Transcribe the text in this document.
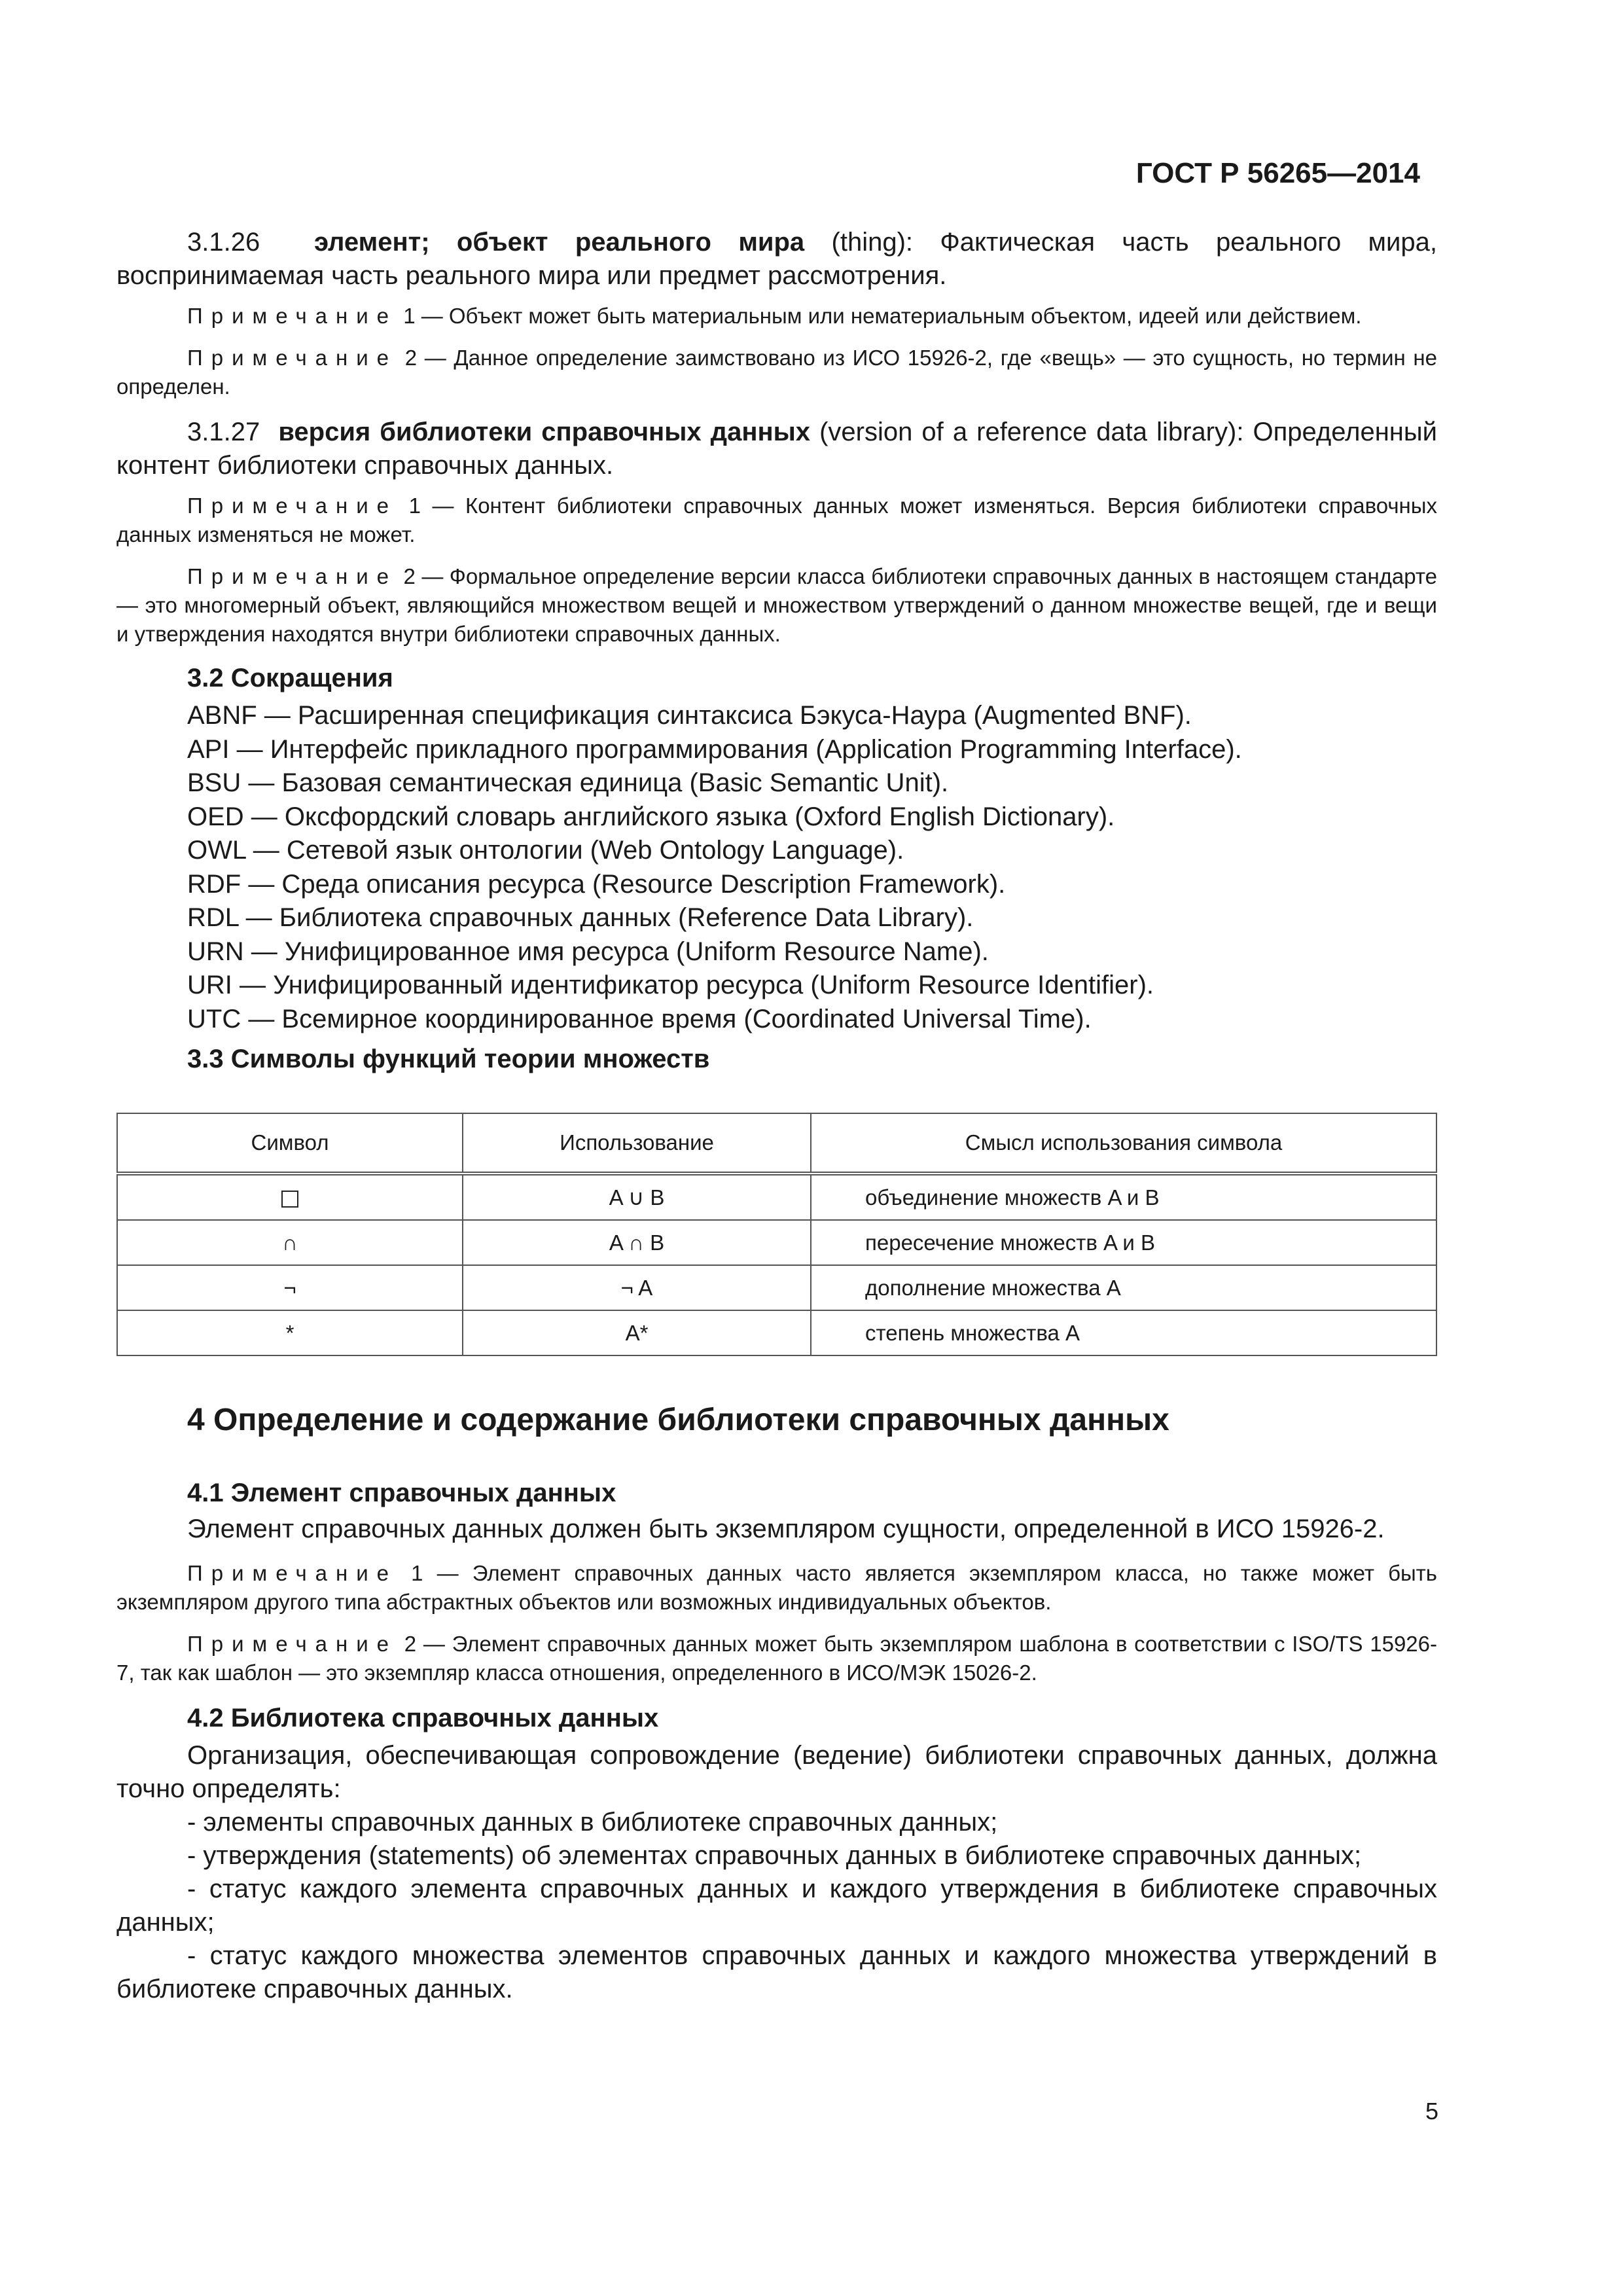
ГОСТ Р 56265—2014

3.1.26 элемент; объект реального мира (thing): Фактическая часть реального мира, воспринимаемая часть реального мира или предмет рассмотрения.

Примечание 1 — Объект может быть материальным или нематериальным объектом, идеей или действием.

Примечание 2 — Данное определение заимствовано из ИСО 15926-2, где «вещь» — это сущность, но термин не определен.

3.1.27 версия библиотеки справочных данных (version of a reference data library): Определенный контент библиотеки справочных данных.

Примечание 1 — Контент библиотеки справочных данных может изменяться. Версия библиотеки справочных данных изменяться не может.

Примечание 2 — Формальное определение версии класса библиотеки справочных данных в настоящем стандарте — это многомерный объект, являющийся множеством вещей и множеством утверждений о данном множестве вещей, где и вещи и утверждения находятся внутри библиотеки справочных данных.

3.2 Сокращения

ABNF — Расширенная спецификация синтаксиса Бэкуса-Наура (Augmented BNF).

API — Интерфейс прикладного программирования (Application Programming Interface).

BSU — Базовая семантическая единица (Basic Semantic Unit).

OED — Оксфордский словарь английского языка (Oxford English Dictionary).

OWL — Сетевой язык онтологии (Web Ontology Language).

RDF — Среда описания ресурса (Resource Description Framework).

RDL — Библиотека справочных данных (Reference Data Library).

URN — Унифицированное имя ресурса (Uniform Resource Name).

URI — Унифицированный идентификатор ресурса (Uniform Resource Identifier).

UTC — Всемирное координированное время (Coordinated Universal Time).

3.3 Символы функций теории множеств

Символ	Использование	Смысл использования символа
	A ∪ B	объединение множеств A и B
∩	A ∩ B	пересечение множеств A и B
¬	¬ A	дополнение множества A
*	A*	степень множества A

4 Определение и содержание библиотеки справочных данных

4.1 Элемент справочных данных

Элемент справочных данных должен быть экземпляром сущности, определенной в ИСО 15926-2.

Примечание 1 — Элемент справочных данных часто является экземпляром класса, но также может быть экземпляром другого типа абстрактных объектов или возможных индивидуальных объектов.

Примечание 2 — Элемент справочных данных может быть экземпляром шаблона в соответствии с ISO/TS 15926-7, так как шаблон — это экземпляр класса отношения, определенного в ИСО/МЭК 15026-2.

4.2 Библиотека справочных данных

Организация, обеспечивающая сопровождение (ведение) библиотеки справочных данных, должна точно определять:

- элементы справочных данных в библиотеке справочных данных;

- утверждения (statements) об элементах справочных данных в библиотеке справочных данных;

- статус каждого элемента справочных данных и каждого утверждения в библиотеке справочных данных;

- статус каждого множества элементов справочных данных и каждого множества утверждений в библиотеке справочных данных.

5
